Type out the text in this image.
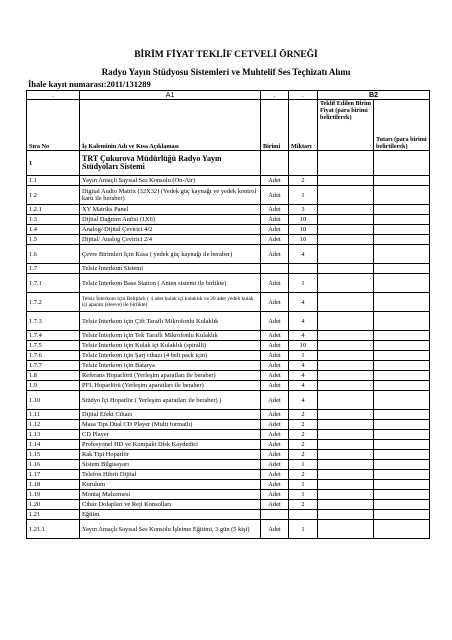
BİRİM FİYAT TEKLİF CETVELİ ÖRNEĞİ
Radyo Yayın Stüdyosu Sistemleri ve Muhtelif Ses Teçhizatı Alımı
İhale kayıt numarası:2011/131289
.	A1	.	.	B2	
Sıra No	İş Kaleminin Adı ve Kısa Açıklaması	Birimi	Miktarı	Teklif Edilen Birim Fiyat (para birimi belirtilerek)	Tutarı (para birimi belirtilerek)
1	TRT Çukurova Müdürlüğü Radyo Yayın Stüdyoları Sistemi				
1.1	Yayın Amaçlı Sayısal Ses Konsolu (On-Air)	Adet	2		
1.2	Digital Audio Matrix (32X32) (Yedek güç kaynağı ve yedek kontrol kartı ile beraber)	Adet	1		
1.2.1	XY Matriks Panel	Adet	3		
1.3	Dijital Dağıtım Anfisi (1X6)	Adet	10		
1.4	Analog/ Dijital Çevirici 4/2	Adet	10		
1.5	Dijital/ Analog Çevirici 2/4	Adet	10		
1.6	Çevre Birimleri İçin Kasa ( yedek güç kaynağı ile beraber)	Adet	4		
1.7	Telsiz İnterkom Sistemi				
1.7.1	Telsiz İnterkom Base Station ( Anten sistemi ile birlikte)	Adet	1		
1.7.2	Telsiz İnterkom için Beltpack ( 4 adet kulak içi kulaklık ve 20 adet yedek kulak içi aparatı (sleeve) ile birlikte)	Adet	4		
1.7.3	Telsiz İnterkom için Çift Taraflı Mikrofonlu Kulaklık	Adet	4		
1.7.4	Telsiz İnterkom için Tek Taraflı Mikrofonlu Kulaklık	Adet	4		
1.7.5	Telsiz İnterkom için Kulak içi Kulaklık (spiralli)	Adet	10		
1.7.6	Telsiz İnterkom için Şarj cihazı (4 belt pack için)	Adet	1		
1.7.7	Telsiz İnterkom için Batarya	Adet	4		
1.8	Referans Hoparlörü (Yerleşim aparatları ile beraber)	Adet	4		
1.9	PFL Hoparlörü (Yerleşim aparatları ile beraber)	Adet	4		
1.10	Stüdyo İçi Hoparlör ( Yerleşim aparatları ile beraber) )	Adet	4		
1.11	Dijital Efekt Cihazı	Adet	2		
1.12	Masa Tipi Dual CD Player (Multi formatlı)	Adet	2		
1.13	CD Player	Adet	2		
1.14	Profesyonel HD ve Kompakt Disk Kaydedici	Adet	2		
1.15	Rak Tipi Hoparlör	Adet	2		
1.16	Sistem Bilgisayarı	Adet	1		
1.17	Telefon Hibrit Dijital	Adet	2		
1.18	Kurulum	Adet	1		
1.19	Montaj Malzemesi	Adet	1		
1.20	Cihaz Dolapları ve Reji Konsolları	Adet	2		
1.21	Eğitim				
1.21.1	Yayın Amaçlı Sayısal Ses Konsolu İşletme Eğitimi, 3 gün (5 kişi)	Adet	1		
